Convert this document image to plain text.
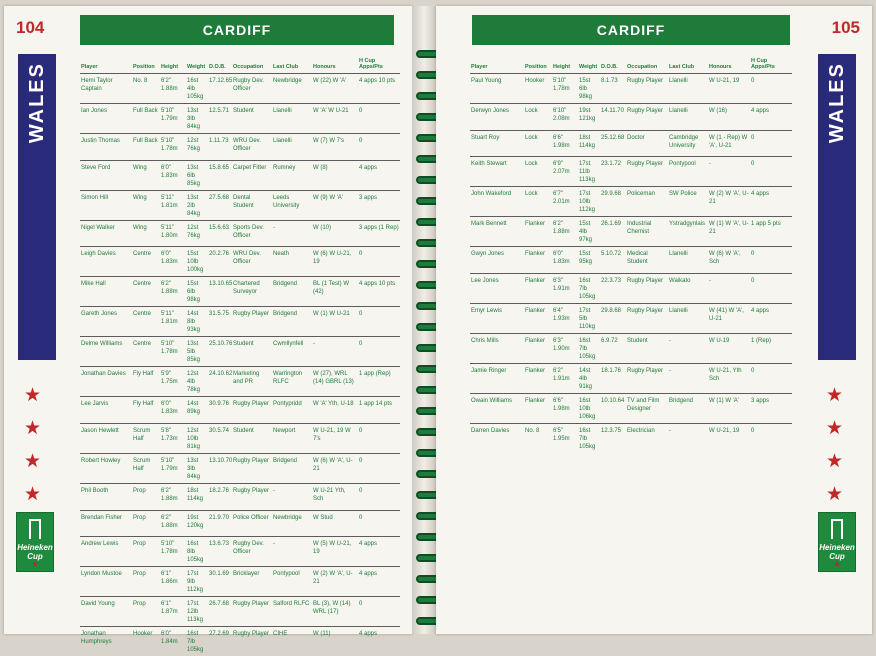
104	CARDIFF
WALES
★
★
★
★
Heineken
Cup
★
Player	Position	Height	Weight	D.O.B.	Occupation	Last Club	Honours	H Cup Apps/Pts
Hemi Taylor Captain	No. 8	6'2" 1.88m	16st 4lb 105kg	17.12.65	Rugby Dev. Officer	Newbridge	W (22) W 'A'	4 apps 10 pts
Ian Jones	Full Back	5'10" 1.79m	13st 3lb 84kg	12.5.71	Student	Llanelli	W 'A' W U-21	0
Justin Thomas	Full Back	5'10" 1.78m	12st 76kg	1.11.73	WRU Dev. Officer	Llanelli	W (7) W 7's	0
Steve Ford	Wing	6'0" 1.83m	13st 6lb 85kg	15.8.65	Carpet Fitter	Rumney	W (8)	4 apps
Simon Hill	Wing	5'11" 1.81m	13st 2lb 84kg	27.5.68	Dental Student	Leeds University	W (9) W 'A'	3 apps
Nigel Walker	Wing	5'11" 1.80m	12st 76kg	15.6.63	Sports Dev. Officer	-	W (10)	3 apps (1 Rep)
Leigh Davies	Centre	6'0" 1.83m	15st 10lb 100kg	20.2.76	WRU Dev. Officer	Neath	W (6) W U-21, 19	0
Mike Hall	Centre	6'2" 1.88m	15st 6lb 98kg	13.10.65	Chartered Surveyor	Bridgend	BL (1 Test) W (42)	4 apps 10 pts
Gareth Jones	Centre	5'11" 1.81m	14st 8lb 93kg	31.5.75	Rugby Player	Bridgend	W (1) W U-21	0
Delme Williams	Centre	5'10" 1.78m	13st 5lb 85kg	25.10.76	Student	Cwmllynfell	-	0
Jonathan Davies	Fly Half	5'9" 1.75m	12st 4lb 78kg	24.10.62	Marketing and PR	Warrington RLFC	W (27), WRL (14) GBRL (13)	1 app (Rep)
Lee Jarvis	Fly Half	6'0" 1.83m	14st 89kg	30.9.76	Rugby Player	Pontypridd	W 'A' Yth, U-18	1 app 14 pts
Jason Hewlett	Scrum Half	5'8" 1.73m	12st 10lb 81kg	30.5.74	Student	Newport	W U-21, 19 W 7's	0
Robert Howley	Scrum Half	5'10" 1.79m	13st 3lb 84kg	13.10.70	Rugby Player	Bridgend	W (6) W 'A', U-21	0
Phil Booth	Prop	6'2" 1.88m	18st 114kg	18.2.76	Rugby Player	-	W U-21 Yth, Sch	0
Brendan Fisher	Prop	6'2" 1.88m	19st 120kg	21.9.70	Police Officer	Newbridge	W Stud	0
Andrew Lewis	Prop	5'10" 1.78m	16st 8lb 105kg	13.6.73	Rugby Dev. Officer	-	W (5) W U-21, 19	4 apps
Lyndon Mustoe	Prop	6'1" 1.86m	17st 9lb 112kg	30.1.69	Bricklayer	Pontypool	W (2) W 'A', U-21	4 apps
David Young	Prop	6'1" 1.87m	17st 12lb 113kg	26.7.68	Rugby Player	Salford RLFC	BL (3), W (14) WRL (17)	0
Jonathan Humphreys	Hooker	6'0" 1.84m	16st 7lb 105kg	27.2.69	Rugby Player	CIHE	W (11)	4 apps
105
CARDIFF
WALES
★
★
★
★
Heineken
Cup
★
Player	Position	Height	Weight	D.O.B.	Occupation	Last Club	Honours	H Cup Apps/Pts
Paul Young	Hooker	5'10" 1.78m	15st 6lb 98kg	8.1.73	Rugby Player	Llanelli	W U-21, 19	0
Derwyn Jones	Lock	6'10" 2.08m	19st 121kg	14.11.70	Rugby Player	Llanelli	W (16)	4 apps
Stuart Roy	Lock	6'6" 1.98m	18st 114kg	25.12.68	Doctor	Cambridge University	W (1 - Rep) W 'A', U-21	0
Keith Stewart	Lock	6'9" 2.07m	17st 11lb 113kg	23.1.72	Rugby Player	Pontypool	-	0
John Wakeford	Lock	6'7" 2.01m	17st 10lb 112kg	29.9.68	Policeman	SW Police	W (2) W 'A', U-21	4 apps
Mark Bennett	Flanker	6'2" 1.88m	15st 4lb 97kg	26.1.69	Industrial Chemist	Ystradgynlais	W (1) W 'A', U-21	1 app 5 pts
Gwyn Jones	Flanker	6'0" 1.83m	15st 95kg	5.10.72	Medical Student	Llanelli	W (6) W 'A', Sch	0
Lee Jones	Flanker	6'3" 1.91m	16st 7lb 105kg	22.3.73	Rugby Player	Waikato	-	0
Emyr Lewis	Flanker	6'4" 1.93m	17st 5lb 110kg	29.8.68	Rugby Player	Llanelli	W (41) W 'A', U-21	4 apps
Chris Mills	Flanker	6'3" 1.90m	16st 7lb 105kg	6.9.72	Student	-	W U-19	1 (Rep)
Jamie Ringer	Flanker	6'2" 1.91m	14st 4lb 91kg	18.1.76	Rugby Player	-	W U-21, Yth Sch	0
Owain Williams	Flanker	6'6" 1.98m	16st 10lb 106kg	10.10.64	TV and Film Designer	Bridgend	W (1) W 'A'	3 apps
Darren Davies	No. 8	6'5" 1.95m	16st 7lb 105kg	12.3.75	Electrician	-	W U-21, 19	0
